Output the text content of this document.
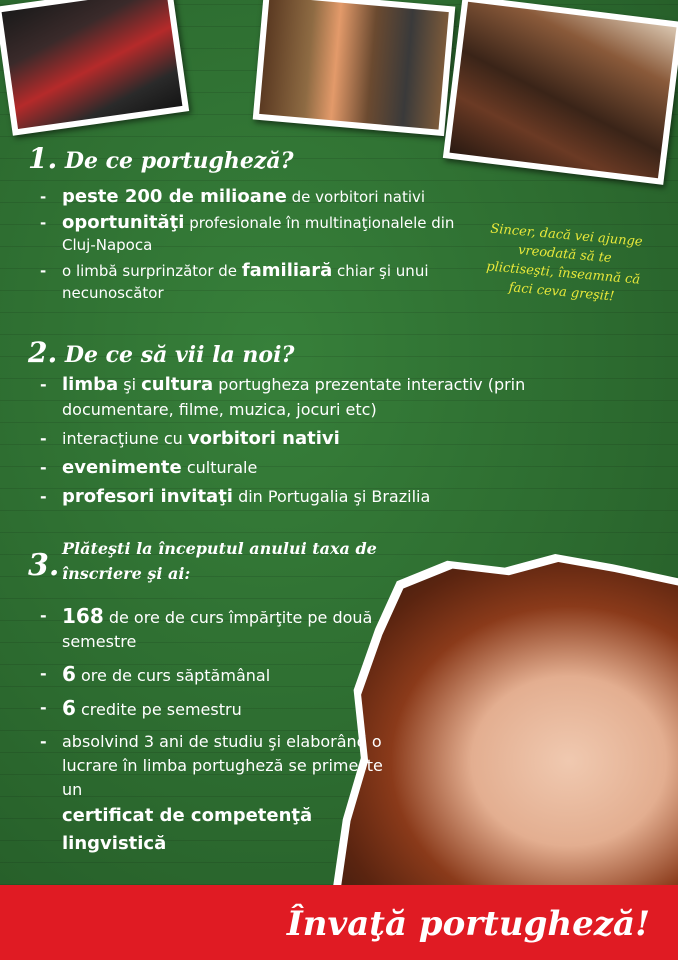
1. De ce portugheză?
- peste 200 de milioane de vorbitori nativi
- oportunităţi profesionale în multinaţionalele din Cluj-Napoca
- o limbă surprinzător de familiară chiar şi unui necunoscător
Sincer, dacă vei ajunge vreodată să te plictiseşti, înseamnă că faci ceva greşit!
2. De ce să vii la noi?
- limba şi cultura portugheza prezentate interactiv (prin documentare, filme, muzica, jocuri etc)
- interacţiune cu vorbitori nativi
- evenimente culturale
- profesori invitaţi din Portugalia şi Brazilia
3. Plăteşti la începutul anului taxa de înscriere şi ai:
- 168 de ore de curs împărţite pe două semestre
- 6 ore de curs săptămânal
- 6 credite pe semestru
- absolvind 3 ani de studiu şi elaborând o lucrare în limba portugheză se primeşte un
certificat de competenţă lingvistică
Învaţă portugheză!
